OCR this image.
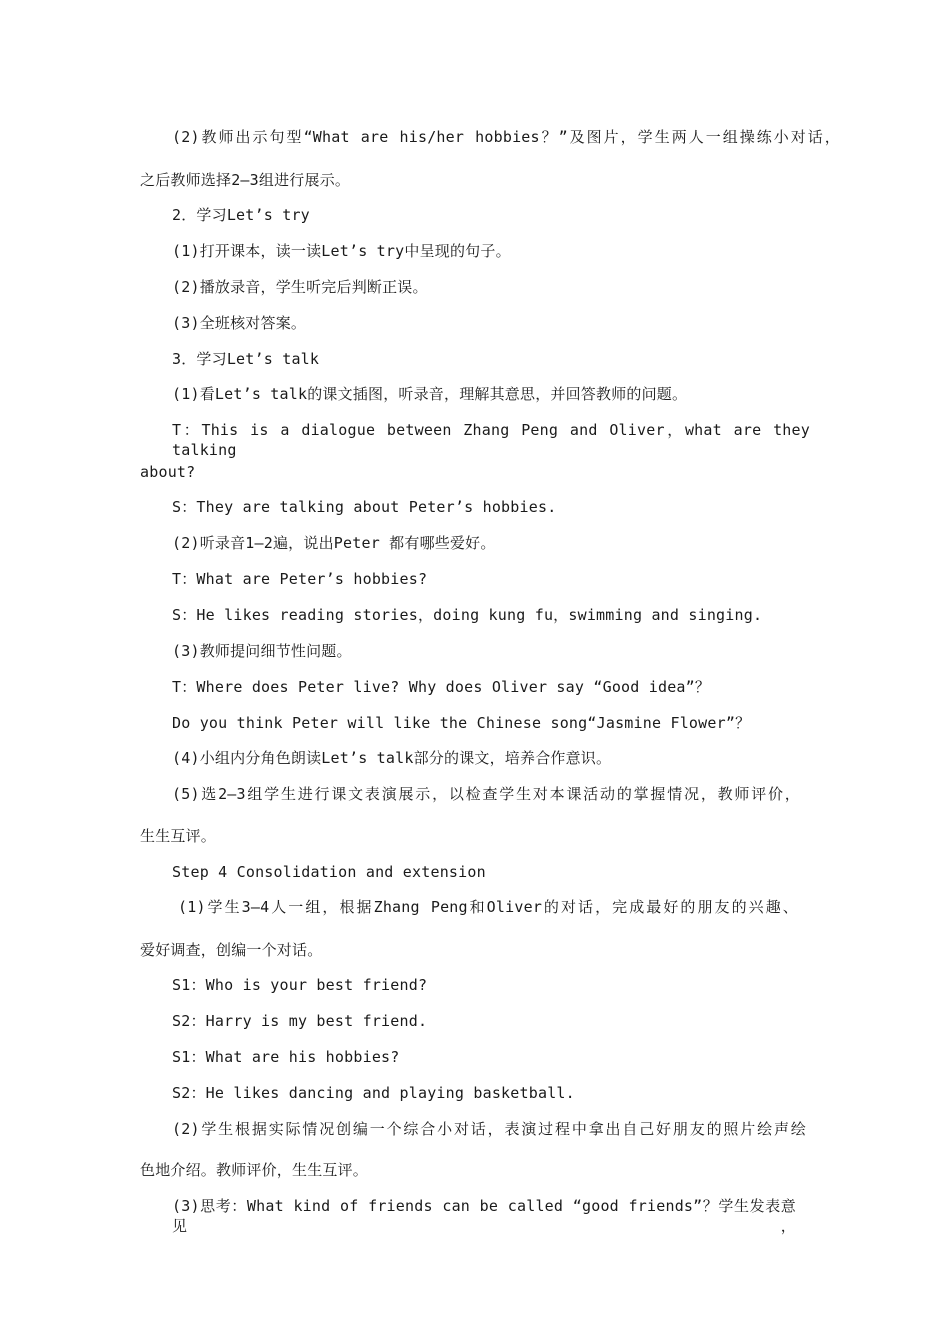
(2)教师出示句型“What are his/her hobbies？”及图片，学生两人一组操练小对话，
之后教师选择2—3组进行展示。
2．学习Let’s try
(1)打开课本，读一读Let’s try中呈现的句子。
(2)播放录音，学生听完后判断正误。
(3)全班核对答案。
3．学习Let’s talk
(1)看Let’s talk的课文插图，听录音，理解其意思，并回答教师的问题。
T：This is a dialogue between Zhang Peng and Oliver，what are they talking
about?
S：They are talking about Peter’s hobbies.
(2)听录音1—2遍，说出Peter 都有哪些爱好。
T：What are Peter’s hobbies?
S：He likes reading stories，doing kung fu，swimming and singing.
(3)教师提问细节性问题。
T：Where does Peter live? Why does Oliver say “Good idea”？
Do you think Peter will like the Chinese song“Jasmine Flower”？
(4)小组内分角色朗读Let’s talk部分的课文，培养合作意识。
(5)选2—3组学生进行课文表演展示，以检查学生对本课活动的掌握情况，教师评价，
生生互评。
Step 4 Consolidation and extension
(1)学生3—4人一组，根据Zhang Peng和Oliver的对话，完成最好的朋友的兴趣、
爱好调查，创编一个对话。
S1：Who is your best friend?
S2：Harry is my best friend.
S1：What are his hobbies?
S2：He likes dancing and playing basketball.
(2)学生根据实际情况创编一个综合小对话，表演过程中拿出自己好朋友的照片绘声绘
色地介绍。教师评价，生生互评。
(3)思考：What kind of friends can be called “good friends”？学生发表意见，
